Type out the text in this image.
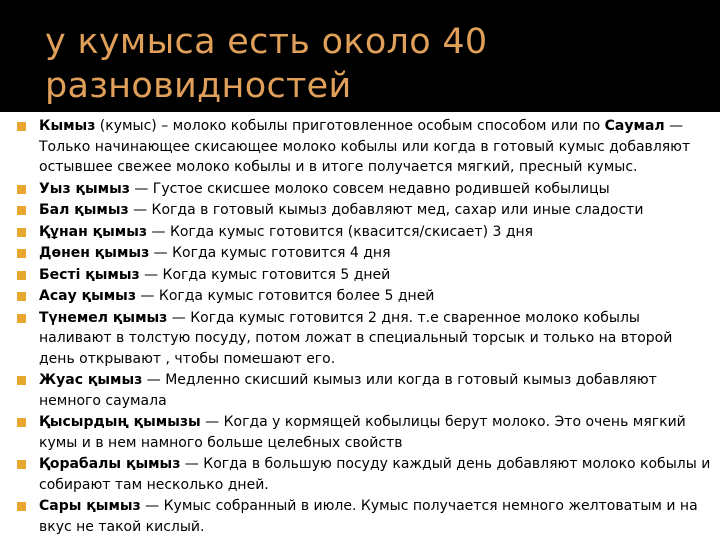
у кумыса есть около 40
разновидностей
Кымыз (кумыс) – молоко кобылы приготовленное особым способом или по Саумал — Только начинающее скисающее молоко кобылы или когда в готовый кумыс добавляют остывшее свежее молоко кобылы и в итоге получается мягкий, пресный кумыс.
Уыз қымыз — Густое скисшее молоко совсем недавно родившей кобылицы
Бал қымыз — Когда в готовый кымыз добавляют мед, сахар или иные сладости
Құнан қымыз — Когда кумыс готовится (квасится/скисает) 3 дня
Дөнен қымыз — Когда кумыс готовится 4 дня
Бесті қымыз — Когда кумыс готовится 5 дней
Асау қымыз — Когда кумыс готовится более 5 дней
Түнемел қымыз — Когда кумыс готовится 2 дня. т.е сваренное молоко кобылы наливают в толстую посуду, потом ложат в специальный торсык и только на второй день открывают , чтобы помешают его.
Жуас қымыз — Медленно скисший кымыз или когда в готовый кымыз добавляют немного саумала
Қысырдың қымызы — Когда у кормящей кобылицы берут молоко. Это очень мягкий кумы и в нем намного больше целебных свойств
Қорабалы қымыз — Когда в большую посуду каждый день добавляют молоко кобылы и собирают там несколько дней.
Сары қымыз — Кумыс собранный в июле. Кумыс получается немного желтоватым и на вкус не такой кислый.
